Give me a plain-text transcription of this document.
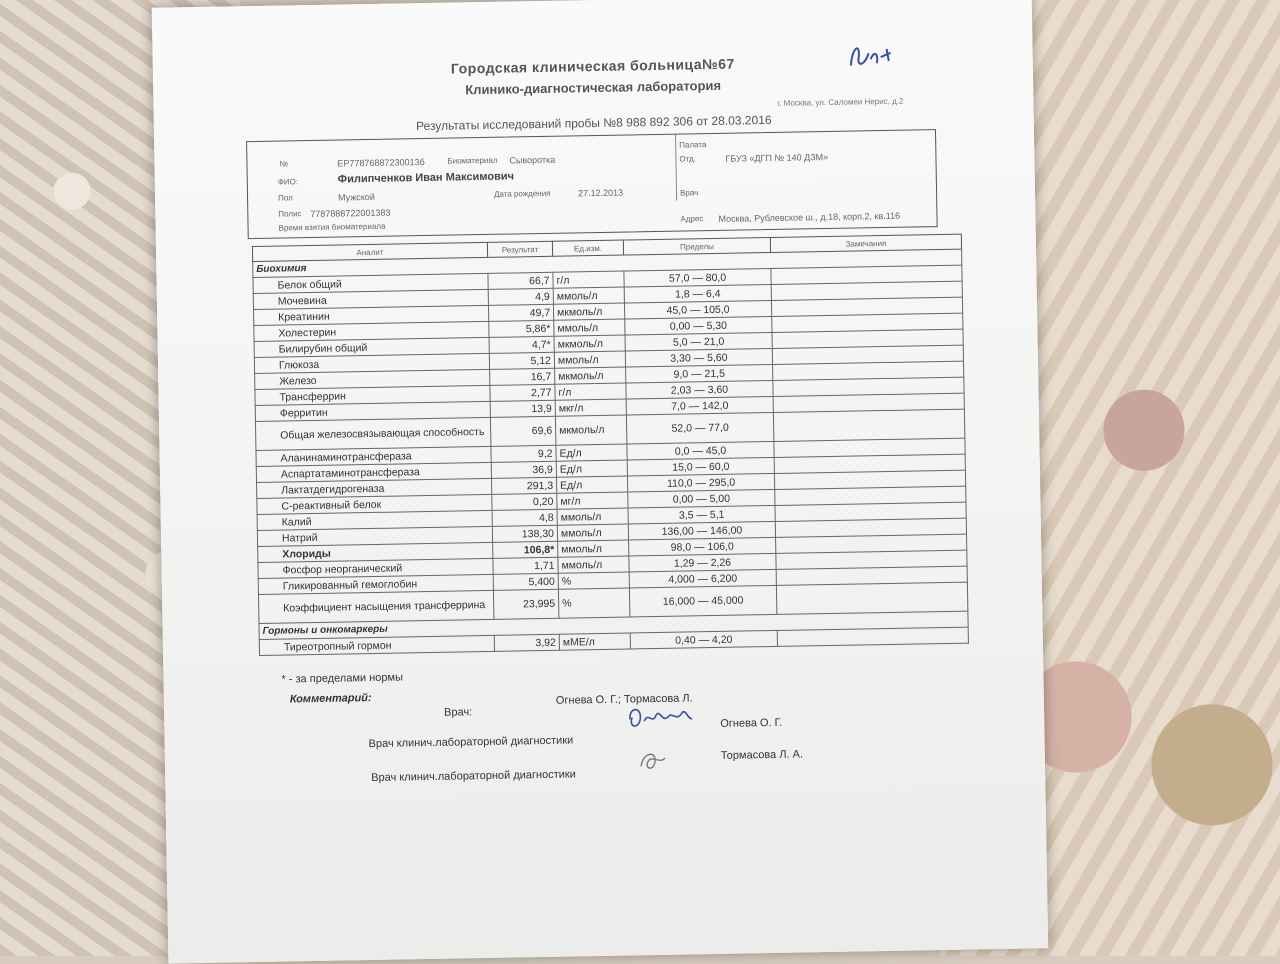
Городская клиническая больница№67
Клинико-диагностическая лаборатория
г. Москва, ул. Саломеи Нерис, д.2
Результаты исследований пробы №8 988 892 306 от 28.03.2016
№	ЕР77876887230013б	Биоматериал Сыворотка
ФИО:	Филипченков Иван Максимович
Пол	Мужской	Дата рождения	27.12.2013
Полис 7787888722001383
Время взятия биоматериала
Палата
Отд.	ГБУЗ «ДГП № 140 ДЗМ»
Врач
Адрес Москва, Рублевское ш., д.18, корп.2, кв.116
Аналит	Результат	Ед.изм.	Пределы	Замечания
Биохимия				
Белок общий	66,7	г/л	57,0 — 80,0	
Мочевина	4,9	ммоль/л	1,8 — 6,4	
Креатинин	49,7	мкмоль/л	45,0 — 105,0	
Холестерин	5,86*	ммоль/л	0,00 — 5,30	
Билирубин общий	4,7*	мкмоль/л	5,0 — 21,0	
Глюкоза	5,12	ммоль/л	3,30 — 5,60	
Железо	16,7	мкмоль/л	9,0 — 21,5	
Трансферрин	2,77	г/л	2,03 — 3,60	
Ферритин	13,9	мкг/л	7,0 — 142,0	
Общая железосвязывающая способность	69,6	мкмоль/л	52,0 — 77,0	
Аланинаминотрансфераза	9,2	Ед/л	0,0 — 45,0	
Аспартатаминотрансфераза	36,9	Ед/л	15,0 — 60,0	
Лактатдегидрогеназа	291,3	Ед/л	110,0 — 295,0	
С-реактивный белок	0,20	мг/л	0,00 — 5,00	
Калий	4,8	ммоль/л	3,5 — 5,1	
Натрий	138,30	ммоль/л	136,00 — 146,00	
Хлориды	106,8*	ммоль/л	98,0 — 106,0	
Фосфор неорганический	1,71	ммоль/л	1,29 — 2,26	
Гликированный гемоглобин	5,400	%	4,000 — 6,200	
Коэффициент насыщения трансферрина	23,995	%	16,000 — 45,000	
Гормоны и онкомаркеры				
Тиреотропный гормон	3,92	мМЕ/л	0,40 — 4,20	
* - за пределами нормы
Комментарий:
Врач:
Огнева О. Г.; Тормасова Л.
Врач клинич.лабораторной диагностики
Огнева О. Г.
Врач клинич.лабораторной диагностики
Тормасова Л. А.
